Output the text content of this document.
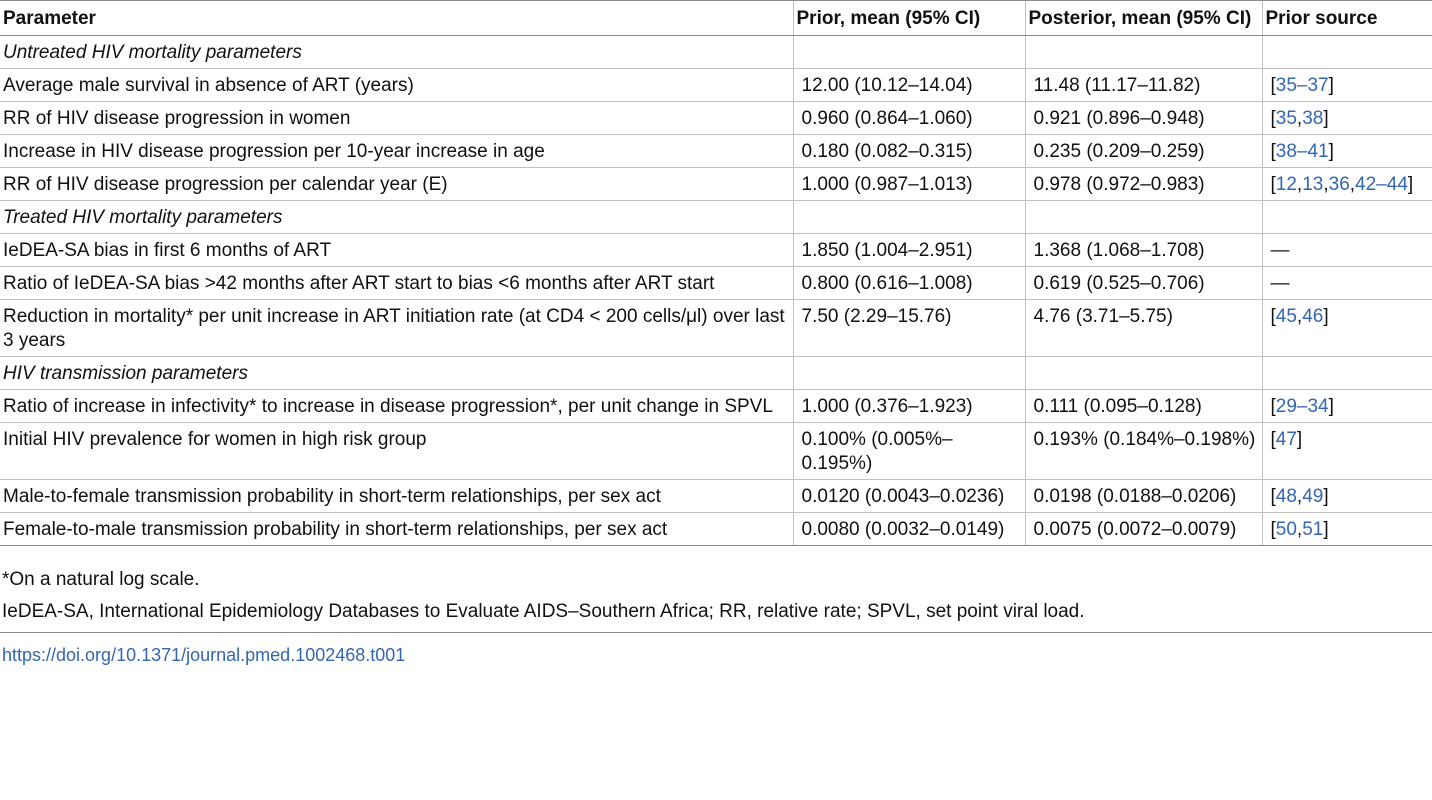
Parameter	Prior, mean (95% CI)	Posterior, mean (95% CI)	Prior source
Untreated HIV mortality parameters			
Average male survival in absence of ART (years)	12.00 (10.12–14.04)	11.48 (11.17–11.82)	[35–37]
RR of HIV disease progression in women	0.960 (0.864–1.060)	0.921 (0.896–0.948)	[35,38]
Increase in HIV disease progression per 10-year increase in age	0.180 (0.082–0.315)	0.235 (0.209–0.259)	[38–41]
RR of HIV disease progression per calendar year (E)	1.000 (0.987–1.013)	0.978 (0.972–0.983)	[12,13,36,42–44]
Treated HIV mortality parameters			
IeDEA-SA bias in first 6 months of ART	1.850 (1.004–2.951)	1.368 (1.068–1.708)	—
Ratio of IeDEA-SA bias >42 months after ART start to bias <6 months after ART start	0.800 (0.616–1.008)	0.619 (0.525–0.706)	—
Reduction in mortality* per unit increase in ART initiation rate (at CD4 < 200 cells/μl) over last 3 years	7.50 (2.29–15.76)	4.76 (3.71–5.75)	[45,46]
HIV transmission parameters			
Ratio of increase in infectivity* to increase in disease progression*, per unit change in SPVL	1.000 (0.376–1.923)	0.111 (0.095–0.128)	[29–34]
Initial HIV prevalence for women in high risk group	0.100% (0.005%–0.195%)	0.193% (0.184%–0.198%)	[47]
Male-to-female transmission probability in short-term relationships, per sex act	0.0120 (0.0043–0.0236)	0.0198 (0.0188–0.0206)	[48,49]
Female-to-male transmission probability in short-term relationships, per sex act	0.0080 (0.0032–0.0149)	0.0075 (0.0072–0.0079)	[50,51]
*On a natural log scale.
IeDEA-SA, International Epidemiology Databases to Evaluate AIDS–Southern Africa; RR, relative rate; SPVL, set point viral load.
https://doi.org/10.1371/journal.pmed.1002468.t001
